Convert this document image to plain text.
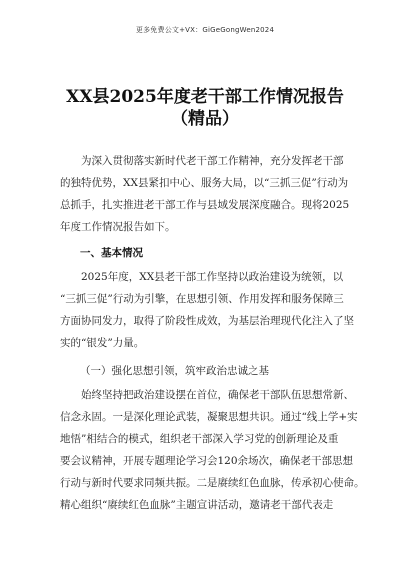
更多免费公文+VX：GiGeGongWen2024
XX县2025年度老干部工作情况报告
（精品）
为深入贯彻落实新时代老干部工作精神，充分发挥老干部
的独特优势，XX县紧扣中心、服务大局，以“三抓三促”行动为
总抓手，扎实推进老干部工作与县域发展深度融合。现将2025
年度工作情况报告如下。
一、基本情况
2025年度，XX县老干部工作坚持以政治建设为统领，以
“三抓三促”行动为引擎，在思想引领、作用发挥和服务保障三
方面协同发力，取得了阶段性成效，为基层治理现代化注入了坚
实的“银发”力量。
（一）强化思想引领，筑牢政治忠诚之基
始终坚持把政治建设摆在首位，确保老干部队伍思想常新、
信念永固。一是深化理论武装，凝聚思想共识。通过“线上学+实
地悟”相结合的模式，组织老干部深入学习党的创新理论及重
要会议精神，开展专题理论学习会120余场次，确保老干部思想
行动与新时代要求同频共振。二是赓续红色血脉，传承初心使命。
精心组织“赓续红色血脉”主题宣讲活动，邀请老干部代表走
